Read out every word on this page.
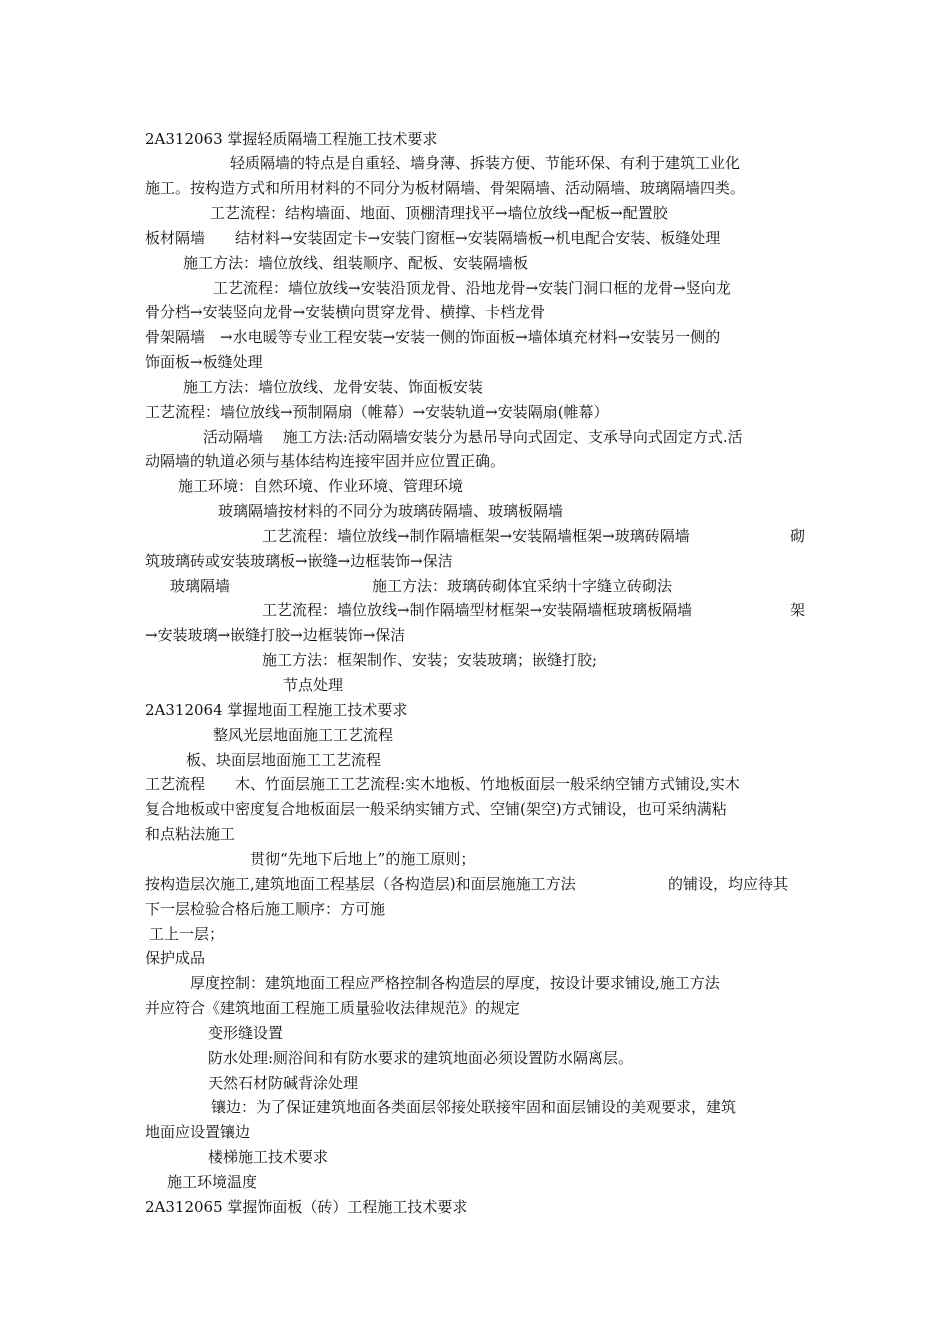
2A312063 掌握轻质隔墙工程施工技术要求
轻质隔墙的特点是自重轻、墙身薄、拆装方便、节能环保、有利于建筑工业化
施工。按构造方式和所用材料的不同分为板材隔墙、骨架隔墙、活动隔墙、玻璃隔墙四类。
工艺流程：结构墙面、地面、顶棚清理找平→墙位放线→配板→配置胶
板材隔墙　　结材料→安装固定卡→安装门窗框→安装隔墙板→机电配合安装、板缝处理
施工方法：墙位放线、组装顺序、配板、安装隔墙板
工艺流程：墙位放线→安装沿顶龙骨、沿地龙骨→安装门洞口框的龙骨→竖向龙
骨分档→安装竖向龙骨→安装横向贯穿龙骨、横撑、卡档龙骨
骨架隔墙　→水电暖等专业工程安装→安装一侧的饰面板→墙体填充材料→安装另一侧的
饰面板→板缝处理
施工方法：墙位放线、龙骨安装、饰面板安装
工艺流程：墙位放线→预制隔扇（帷幕）→安装轨道→安装隔扇(帷幕）
活动隔墙　 施工方法:活动隔墙安装分为悬吊导向式固定、支承导向式固定方式.活
动隔墙的轨道必须与基体结构连接牢固并应位置正确。
施工环境：自然环境、作业环境、管理环境
玻璃隔墙按材料的不同分为玻璃砖隔墙、玻璃板隔墙
工艺流程：墙位放线→制作隔墙框架→安装隔墙框架→玻璃砖隔墙	砌
筑玻璃砖或安装玻璃板→嵌缝→边框装饰→保洁
玻璃隔墙	施工方法：玻璃砖砌体宜采纳十字缝立砖砌法
工艺流程：墙位放线→制作隔墙型材框架→安装隔墙框玻璃板隔墙	架
→安装玻璃→嵌缝打胶→边框装饰→保洁
施工方法：框架制作、安装；安装玻璃；嵌缝打胶;
节点处理
2A312064 掌握地面工程施工技术要求
整风光层地面施工工艺流程
板、块面层地面施工工艺流程
工艺流程　　木、竹面层施工工艺流程:实木地板、竹地板面层一般采纳空铺方式铺设,实木
复合地板或中密度复合地板面层一般采纳实铺方式、空铺(架空)方式铺设，也可采纳满粘
和点粘法施工
贯彻“先地下后地上”的施工原则；
按构造层次施工,建筑地面工程基层（各构造层)和面层施施工方法	的铺设，均应待其
下一层检验合格后施工顺序：方可施
工上一层；
保护成品
厚度控制：建筑地面工程应严格控制各构造层的厚度，按设计要求铺设,施工方法
并应符合《建筑地面工程施工质量验收法律规范》的规定
变形缝设置
防水处理:厕浴间和有防水要求的建筑地面必须设置防水隔离层。
天然石材防碱背涂处理
镶边：为了保证建筑地面各类面层邻接处联接牢固和面层铺设的美观要求，建筑
地面应设置镶边
楼梯施工技术要求
施工环境温度
2A312065 掌握饰面板（砖）工程施工技术要求
